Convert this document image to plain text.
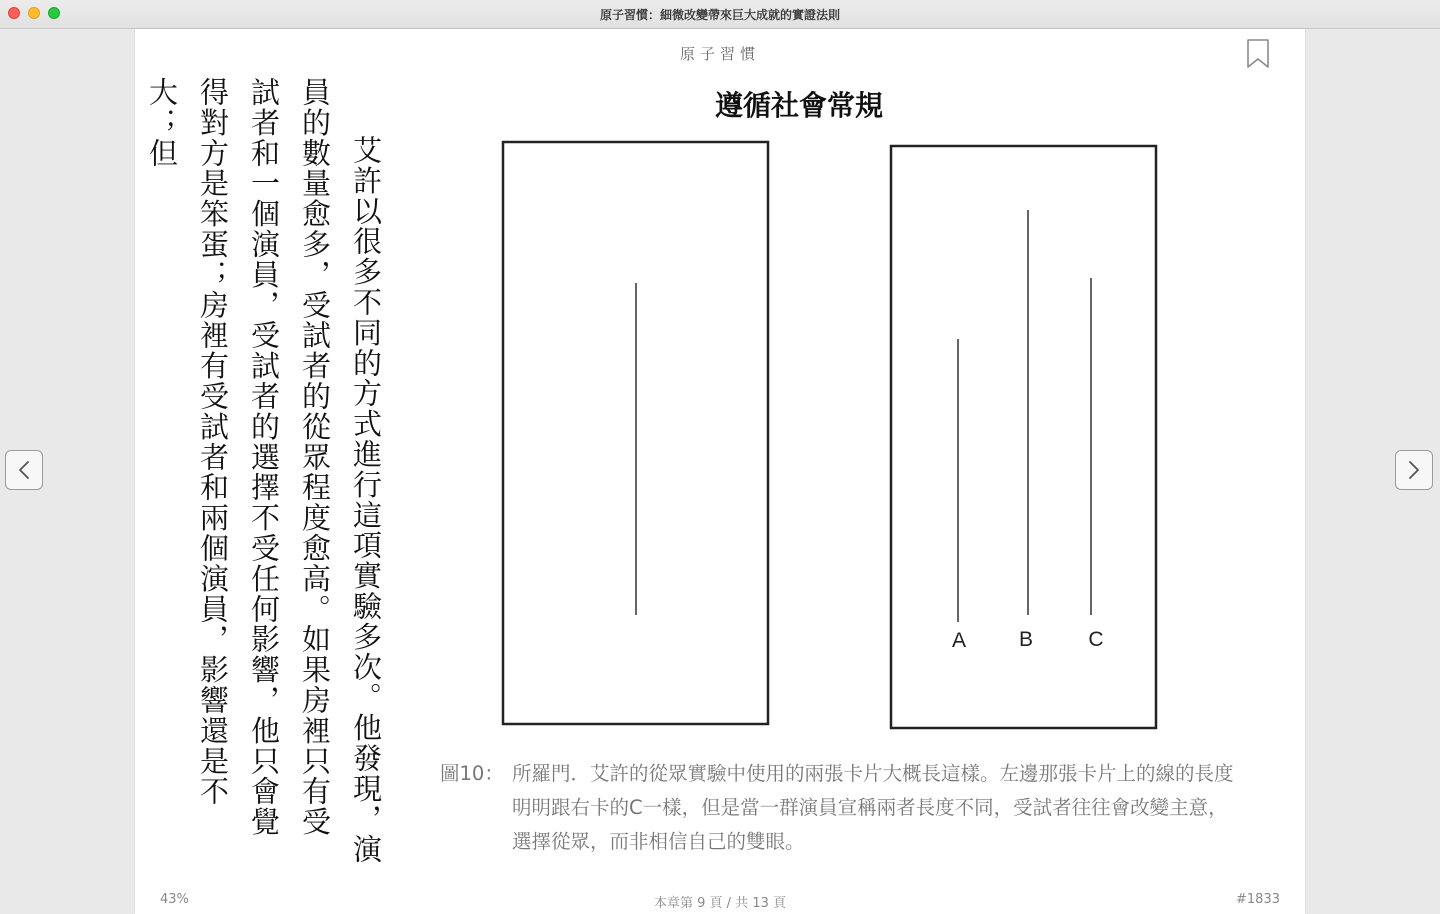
原子習慣：細微改變帶來巨大成就的實證法則
原子習慣
艾許以很多不同的方式進行這項實驗多次。他發現，演員的數量愈多，受試者的從眾程度愈高。如果房裡只有受試者和一個演員，受試者的選擇不受任何影響，他只會覺得對方是笨蛋；房裡有受試者和兩個演員，影響還是不大；但	遵循社會常規
A	B	C
圖10： 所羅門．艾許的從眾實驗中使用的兩張卡片大概長這樣。左邊那張卡片上的線的長度明明跟右卡的C一樣，但是當一群演員宣稱兩者長度不同，受試者往往會改變主意，選擇從眾，而非相信自己的雙眼。
43%	本章第 9 頁 / 共 13 頁	#1833
